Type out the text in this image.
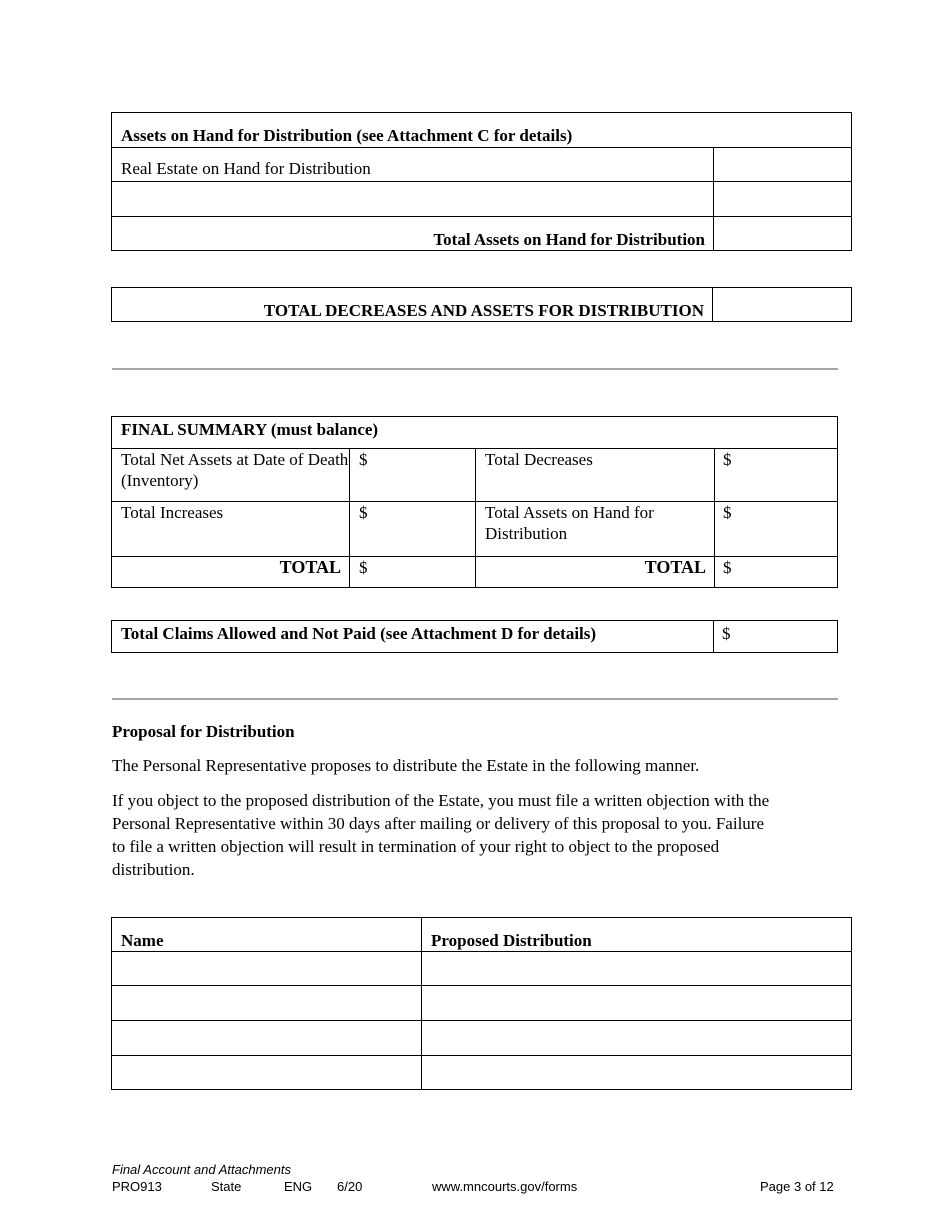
Assets on Hand for Distribution (see Attachment C for details)	
Real Estate on Hand for Distribution	

Total Assets on Hand for Distribution	
TOTAL DECREASES AND ASSETS FOR DISTRIBUTION	
FINAL SUMMARY (must balance)			
Total Net Assets at Date of Death (Inventory)	$	Total Decreases	$
Total Increases	$	Total Assets on Hand for Distribution	$
TOTAL	$	TOTAL	$
Total Claims Allowed and Not Paid (see Attachment D for details)	$
Proposal for Distribution
The Personal Representative proposes to distribute the Estate in the following manner.
If you object to the proposed distribution of the Estate, you must file a written objection with the
Personal Representative within 30 days after mailing or delivery of this proposal to you. Failure
to file a written objection will result in termination of your right to object to the proposed
distribution.
Name	Proposed Distribution

Final Account and Attachments
PRO913	State	ENG 6/20	www.mncourts.gov/forms	Page 3 of 12
